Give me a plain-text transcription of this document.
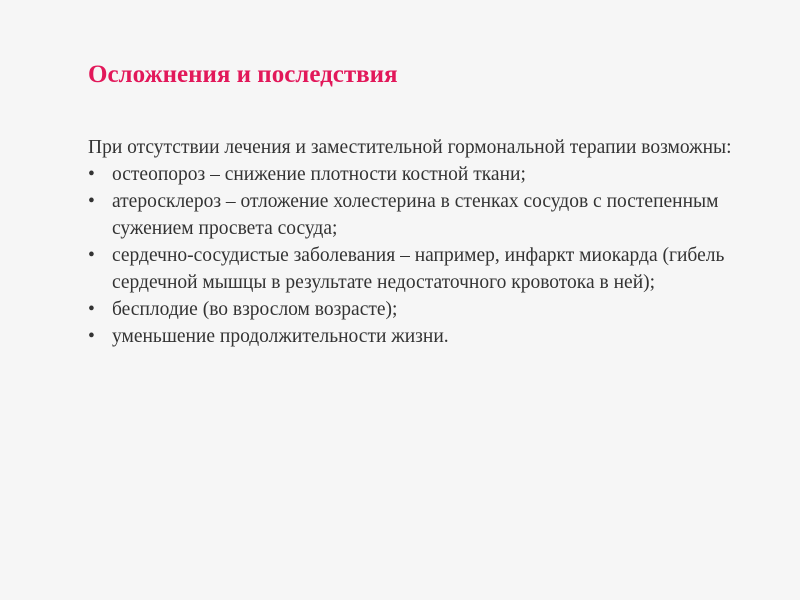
Осложнения и последствия

При отсутствии лечения и заместительной гормональной терапии возможны:

• остеопороз – снижение плотности костной ткани;
• атеросклероз – отложение холестерина в стенках сосудов с постепенным сужением просвета сосуда;
• сердечно-сосудистые заболевания – например, инфаркт миокарда (гибель сердечной мышцы в результате недостаточного кровотока в ней);
• бесплодие (во взрослом возрасте);
• уменьшение продолжительности жизни.
